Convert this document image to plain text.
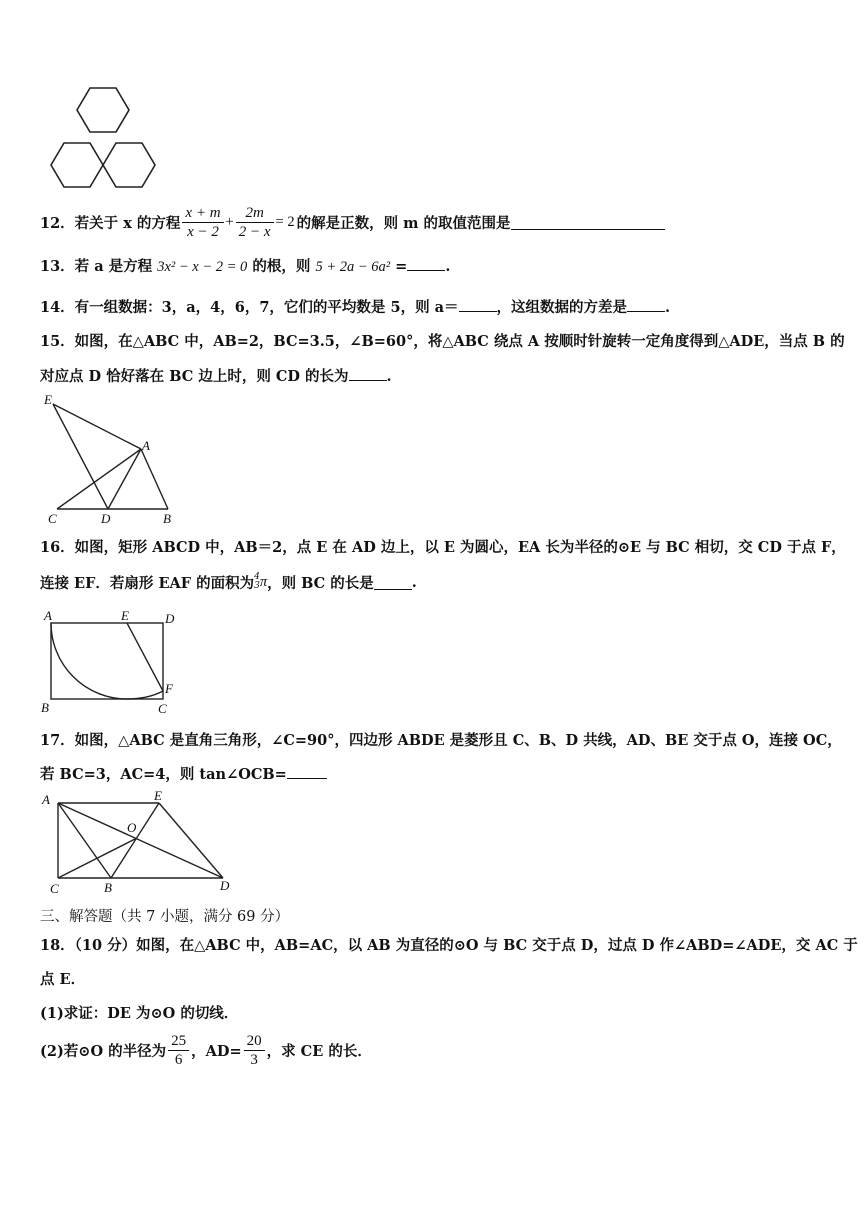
12．若关于 x 的方程 $\frac{x + m}{x - 2} + \frac{2m}{2 - x} = 2$ 的解是正数，则 m 的取值范围是
13．若 a 是方程 3x² − x − 2 = 0 的根，则 5 + 2a − 6a² =	.
14．有一组数据：3，a，4，6，7，它们的平均数是 5，则 a＝	，这组数据的方差是	.
15．如图，在△ABC 中，AB=2，BC=3.5，∠B=60°，将△ABC 绕点 A 按顺时针旋转一定角度得到△ADE，当点 B 的
对应点 D 恰好落在 BC 边上时，则 CD 的长为	.
E
A
C	D	B
16．如图，矩形 ABCD 中，AB＝2，点 E 在 AD 边上，以 E 为圆心，EA 长为半径的⊙E 与 BC 相切，交 CD 于点 F，
连接 EF．若扇形 EAF 的面积为 4
3 π ，则 BC 的长是	.
A	E	D
F
B	C
17．如图，△ABC 是直角三角形，∠C=90°，四边形 ABDE 是菱形且 C、B、D 共线，AD、BE 交于点 O，连接 OC，
若 BC=3，AC=4，则 tan∠OCB=
A	E
O
C	B	D
三、解答题（共 7 小题，满分 69 分）
18．（10 分）如图，在△ABC 中，AB=AC，以 AB 为直径的⊙O 与 BC 交于点 D，过点 D 作∠ABD=∠ADE，交 AC 于
点 E．
(1)求证：DE 为⊙O 的切线．
(2)若⊙O 的半径为 $\frac{25}{6}$ ，$AD= \frac{20}{3}$ ，求 CE 的长．
